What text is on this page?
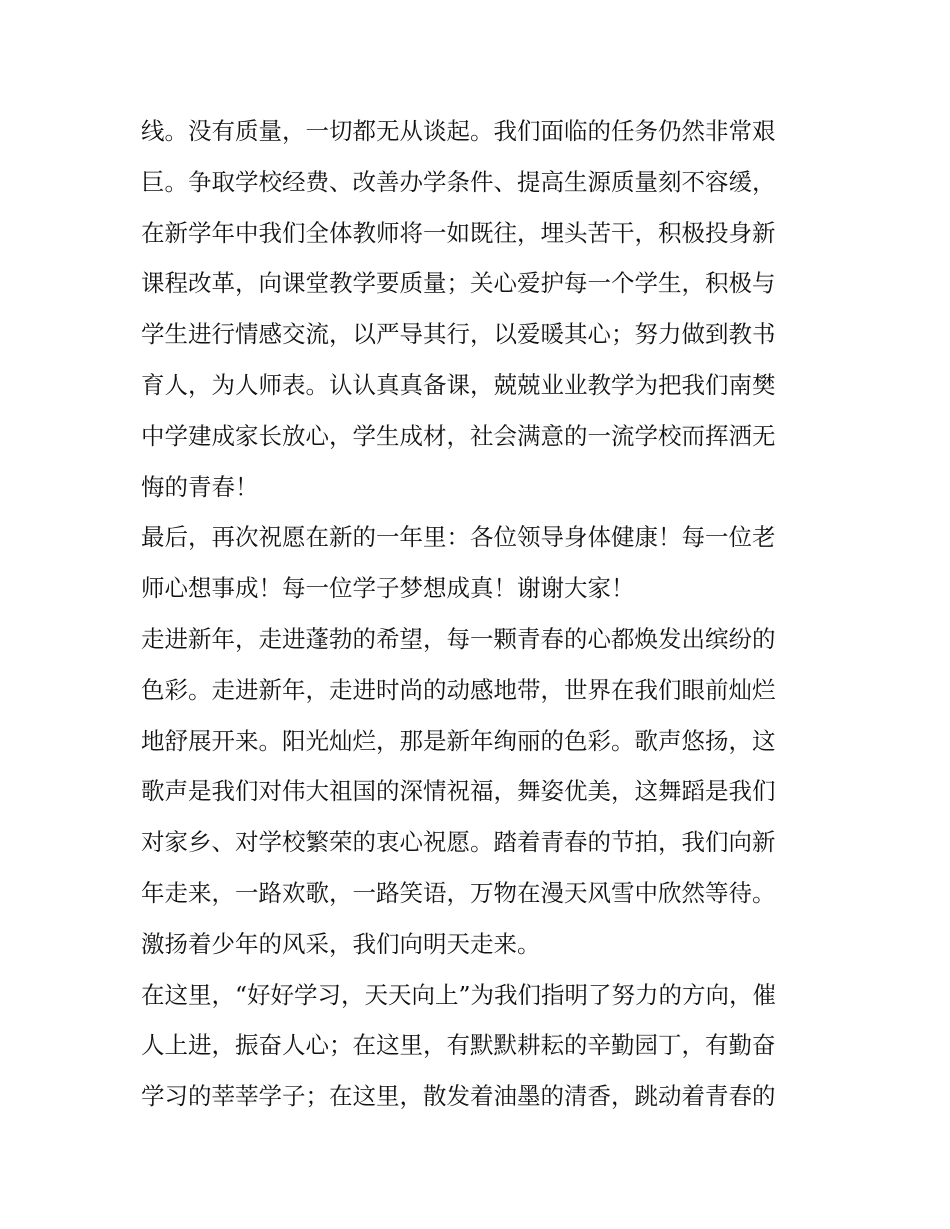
线。没有质量，一切都无从谈起。我们面临的任务仍然非常艰
巨。争取学校经费、改善办学条件、提高生源质量刻不容缓，
在新学年中我们全体教师将一如既往，埋头苦干，积极投身新
课程改革，向课堂教学要质量；关心爱护每一个学生，积极与
学生进行情感交流，以严导其行，以爱暖其心；努力做到教书
育人，为人师表。认认真真备课，兢兢业业教学为把我们南樊
中学建成家长放心，学生成材，社会满意的一流学校而挥洒无
悔的青春！
最后，再次祝愿在新的一年里：各位领导身体健康！每一位老
师心想事成！每一位学子梦想成真！谢谢大家！
走进新年，走进蓬勃的希望，每一颗青春的心都焕发出缤纷的
色彩。走进新年，走进时尚的动感地带，世界在我们眼前灿烂
地舒展开来。阳光灿烂，那是新年绚丽的色彩。歌声悠扬，这
歌声是我们对伟大祖国的深情祝福，舞姿优美，这舞蹈是我们
对家乡、对学校繁荣的衷心祝愿。踏着青春的节拍，我们向新
年走来，一路欢歌，一路笑语，万物在漫天风雪中欣然等待。
激扬着少年的风采，我们向明天走来。
在这里，“好好学习，天天向上”为我们指明了努力的方向，催
人上进，振奋人心；在这里，有默默耕耘的辛勤园丁，有勤奋
学习的莘莘学子；在这里，散发着油墨的清香，跳动着青春的
